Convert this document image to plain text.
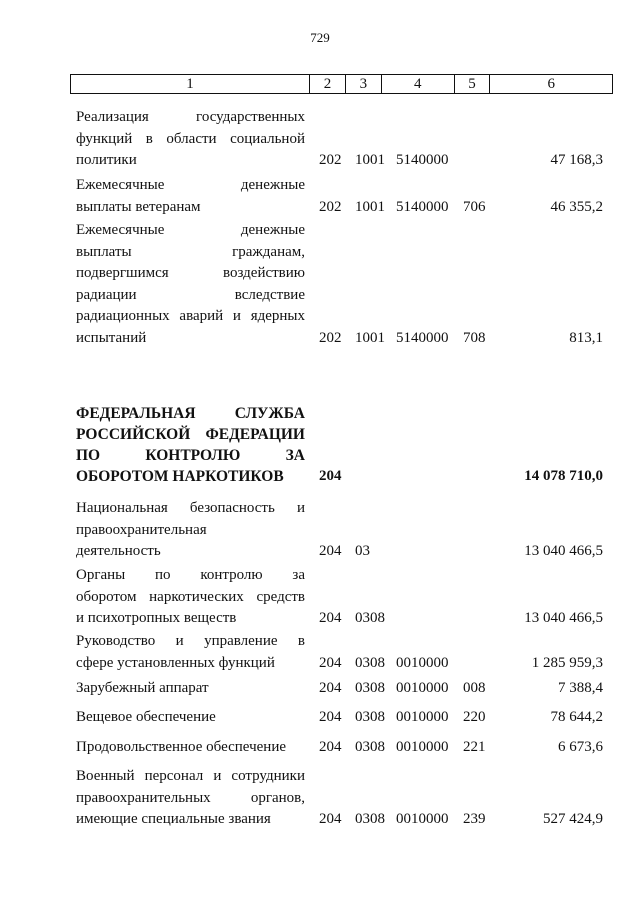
729
1	2	3	4	5	6
Реализация государственных
функций в области социальной
политики	202 1001 5140000	47 168,3
Ежемесячные денежные
выплаты ветеранам	202 1001 5140000 706	46 355,2
Ежемесячные денежные
выплаты гражданам,
подвергшимся воздействию
радиации вследствие
радиационных аварий и ядерных
испытаний	202 1001 5140000 708	813,1
ФЕДЕРАЛЬНАЯ СЛУЖБА
РОССИЙСКОЙ ФЕДЕРАЦИИ
ПО КОНТРОЛЮ ЗА
ОБОРОТОМ НАРКОТИКОВ	204	14 078 710,0
Национальная безопасность и
правоохранительная
деятельность	204 03	13 040 466,5
Органы по контролю за
оборотом наркотических средств
и психотропных веществ	204 0308	13 040 466,5
Руководство и управление в
сфере установленных функций	204 0308 0010000	1 285 959,3
Зарубежный аппарат	204 0308 0010000 008	7 388,4
Вещевое обеспечение	204 0308 0010000 220	78 644,2
Продовольственное обеспечение	204 0308 0010000 221	6 673,6
Военный персонал и сотрудники
правоохранительных органов,
имеющие специальные звания	204 0308 0010000 239	527 424,9
